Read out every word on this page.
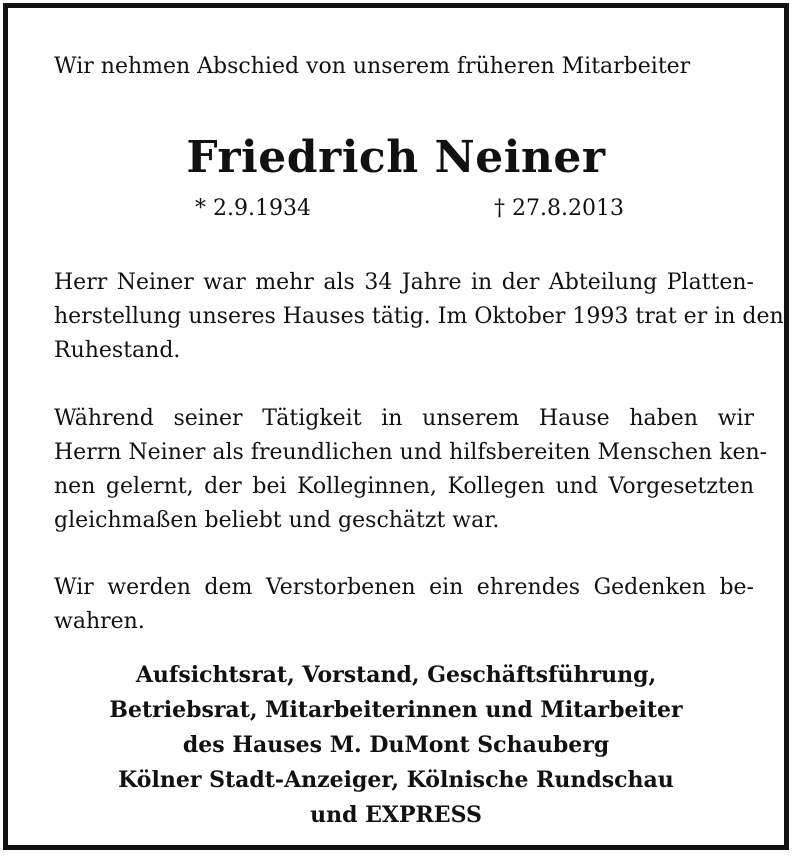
Wir nehmen Abschied von unserem früheren Mitarbeiter
Friedrich Neiner
* 2.9.1934	† 27.8.2013

Herr Neiner war mehr als 34 Jahre in der Abteilung Platten-
herstellung unseres Hauses tätig. Im Oktober 1993 trat er in den
Ruhestand.

Während seiner Tätigkeit in unserem Hause haben wir
Herrn Neiner als freundlichen und hilfsbereiten Menschen ken-
nen gelernt, der bei Kolleginnen, Kollegen und Vorgesetzten
gleichmaßen beliebt und geschätzt war.

Wir werden dem Verstorbenen ein ehrendes Gedenken be-
wahren.

Aufsichtsrat, Vorstand, Geschäftsführung,
Betriebsrat, Mitarbeiterinnen und Mitarbeiter
des Hauses M. DuMont Schauberg
Kölner Stadt-Anzeiger, Kölnische Rundschau
und EXPRESS
